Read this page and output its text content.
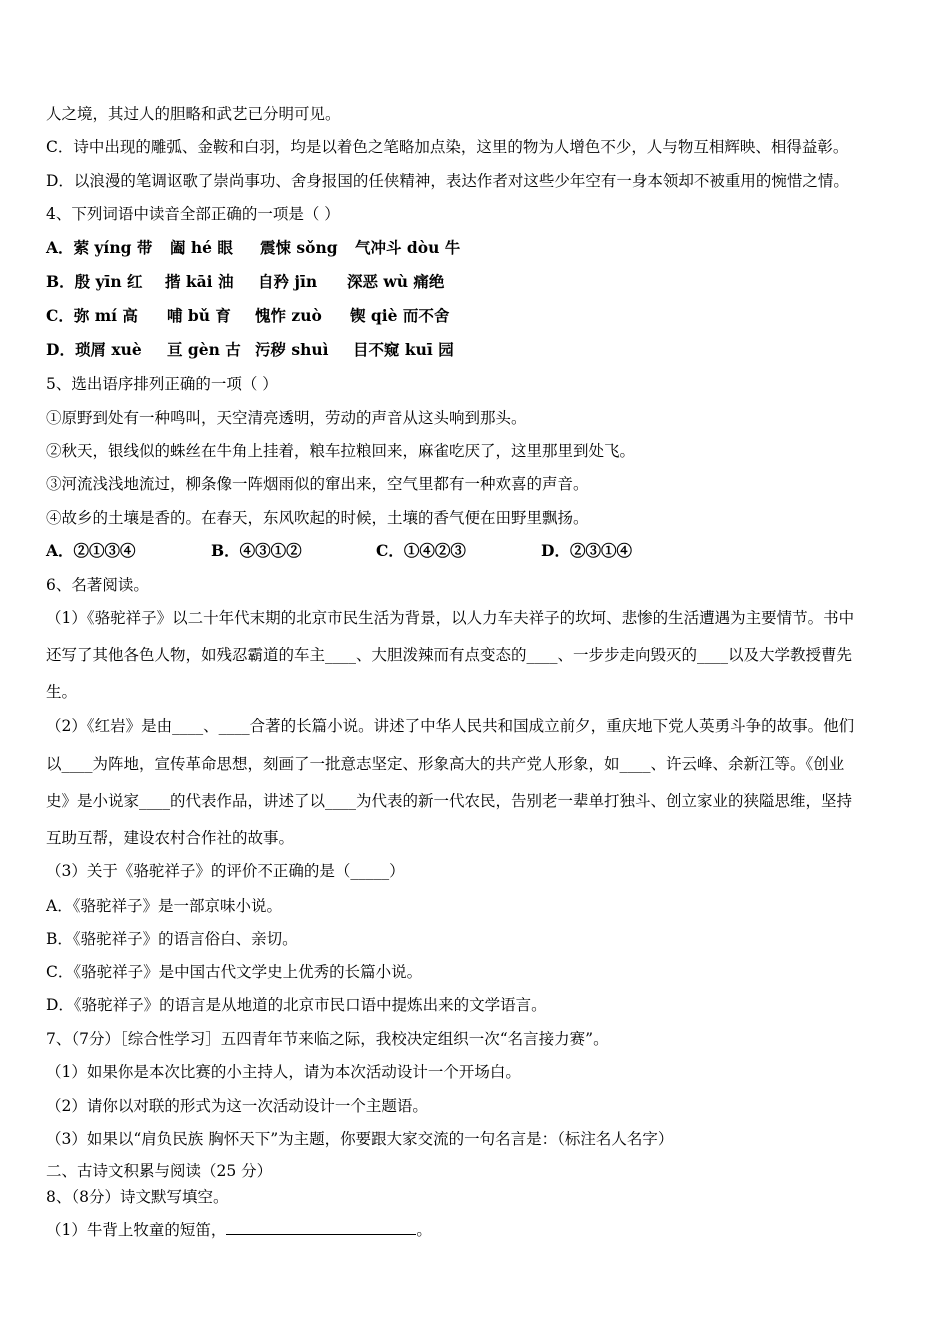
人之境，其过人的胆略和武艺已分明可见。
C．诗中出现的雕弧、金鞍和白羽，均是以着色之笔略加点染，这里的物为人增色不少，人与物互相辉映、相得益彰。
D．以浪漫的笔调讴歌了崇尚事功、舍身报国的任侠精神，表达作者对这些少年空有一身本领却不被重用的惋惜之情。
4、下列词语中读音全部正确的一项是（ ）
A．萦 yíng 带 阖 hé 眼 震悚 sǒng 气冲斗 dòu 牛
B．殷 yīn 红 揩 kāi 油 自矜 jīn 深恶 wù 痛绝
C．弥 mí 高 哺 bǔ 育 愧怍 zuò 锲 qiè 而不舍
D．琐屑 xuè 亘 gèn 古 污秽 shuì 目不窥 kuī 园
5、选出语序排列正确的一项（ ）
①原野到处有一种鸣叫，天空清亮透明，劳动的声音从这头响到那头。
②秋天，银线似的蛛丝在牛角上挂着，粮车拉粮回来，麻雀吃厌了，这里那里到处飞。
③河流浅浅地流过，柳条像一阵烟雨似的窜出来，空气里都有一种欢喜的声音。
④故乡的土壤是香的。在春天，东风吹起的时候，土壤的香气便在田野里飘扬。
A．②①③④	B．④③①②	C．①④②③	D．②③①④
6、名著阅读。
（1）《骆驼祥子》以二十年代末期的北京市民生活为背景，以人力车夫祥子的坎坷、悲惨的生活遭遇为主要情节。书中
还写了其他各色人物，如残忍霸道的车主____、大胆泼辣而有点变态的____、一步步走向毁灭的____以及大学教授曹先
生。
（2）《红岩》是由____、____合著的长篇小说。讲述了中华人民共和国成立前夕，重庆地下党人英勇斗争的故事。他们
以____为阵地，宣传革命思想，刻画了一批意志坚定、形象高大的共产党人形象，如____、许云峰、余新江等。《创业
史》是小说家____的代表作品，讲述了以____为代表的新一代农民，告别老一辈单打独斗、创立家业的狭隘思维，坚持
互助互帮，建设农村合作社的故事。
（3）关于《骆驼祥子》的评价不正确的是（_____）
A．《骆驼祥子》是一部京味小说。
B．《骆驼祥子》的语言俗白、亲切。
C．《骆驼祥子》是中国古代文学史上优秀的长篇小说。
D．《骆驼祥子》的语言是从地道的北京市民口语中提炼出来的文学语言。
7、（7分）［综合性学习］五四青年节来临之际，我校决定组织一次“名言接力赛”。
（1）如果你是本次比赛的小主持人，请为本次活动设计一个开场白。
（2）请你以对联的形式为这一次活动设计一个主题语。
（3）如果以“肩负民族 胸怀天下”为主题，你要跟大家交流的一句名言是：（标注名人名字）
二、古诗文积累与阅读（25 分）
8、（8分）诗文默写填空。
（1）牛背上牧童的短笛，	。
